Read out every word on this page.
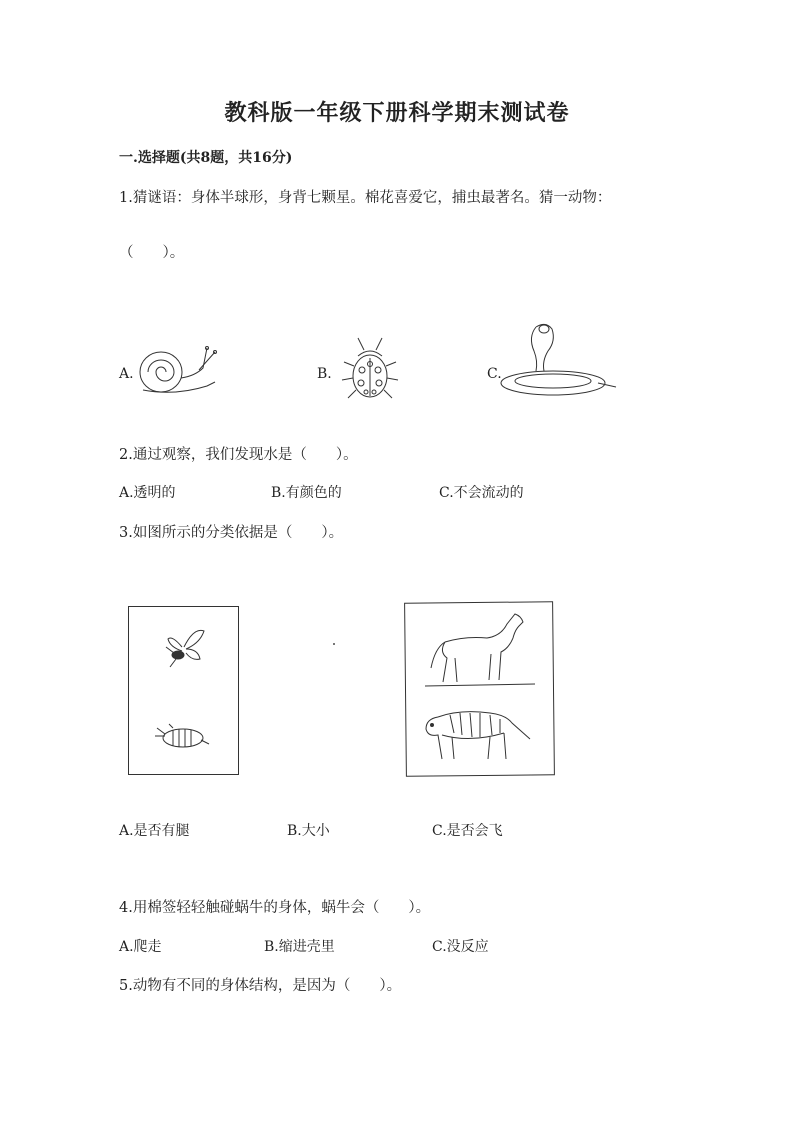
教科版一年级下册科学期末测试卷
一.选择题(共8题，共16分)
1.猜谜语：身体半球形，身背七颗星。棉花喜爱它，捕虫最著名。猜一动物：
（　　）。
A.	B.	C.
2.通过观察，我们发现水是（　　）。
A.透明的	B.有颜色的	C.不会流动的
3.如图所示的分类依据是（　　）。
A.是否有腿	B.大小	C.是否会飞
4.用棉签轻轻触碰蜗牛的身体，蜗牛会（　　）。
A.爬走	B.缩进壳里	C.没反应
5.动物有不同的身体结构，是因为（　　）。
